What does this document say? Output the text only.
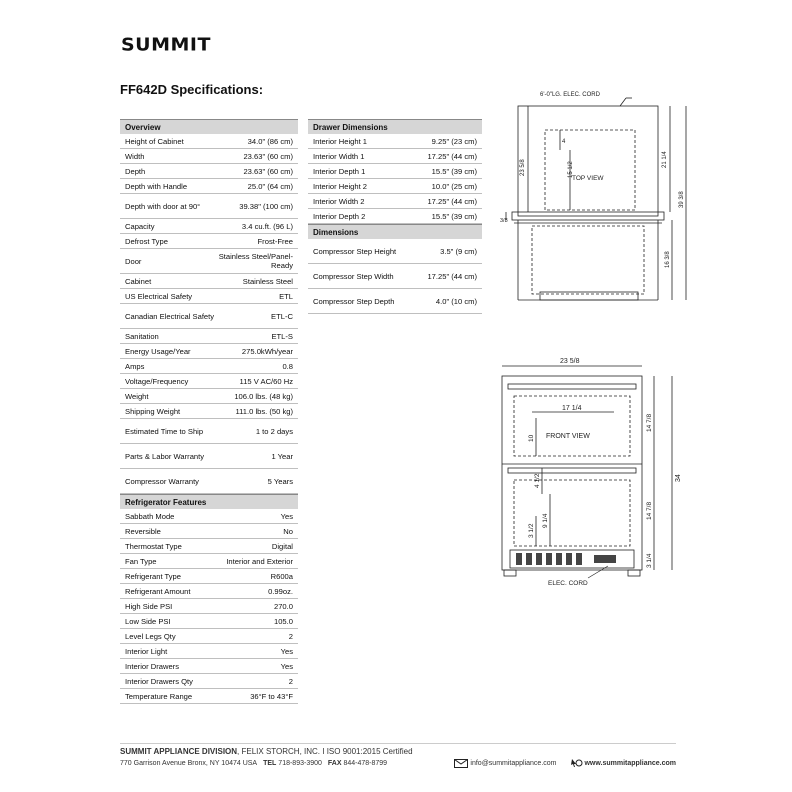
SUMMIT
FF642D Specifications:
Overview
Height of Cabinet	34.0" (86 cm)
Width	23.63" (60 cm)
Depth	23.63" (60 cm)
Depth with Handle	25.0" (64 cm)
Depth with door at 90°	39.38" (100 cm)
Capacity	3.4 cu.ft. (96 L)
Defrost Type	Frost-Free
Door	Stainless Steel/Panel-Ready
Cabinet	Stainless Steel
US Electrical Safety	ETL
Canadian Electrical Safety	ETL-C
Sanitation	ETL-S
Energy Usage/Year	275.0kWh/year
Amps	0.8
Voltage/Frequency	115 V AC/60 Hz
Weight	106.0 lbs. (48 kg)
Shipping Weight	111.0 lbs. (50 kg)
Estimated Time to Ship	1 to 2 days
Parts & Labor Warranty	1 Year
Compressor Warranty	5 Years
Refrigerator Features
Sabbath Mode	Yes
Reversible	No
Thermostat Type	Digital
Fan Type	Interior and Exterior
Refrigerant Type	R600a
Refrigerant Amount	0.99oz.
High Side PSI	270.0
Low Side PSI	105.0
Level Legs Qty	2
Interior Light	Yes
Interior Drawers	Yes
Interior Drawers Qty	2
Temperature Range	36°F to 43°F
Drawer Dimensions
Interior Height 1	9.25" (23 cm)
Interior Width 1	17.25" (44 cm)
Interior Depth 1	15.5" (39 cm)
Interior Height 2	10.0" (25 cm)
Interior Width 2	17.25" (44 cm)
Interior Depth 2	15.5" (39 cm)
Dimensions
Compressor Step Height	3.5" (9 cm)
Compressor Step Width	17.25" (44 cm)
Compressor Step Depth	4.0" (10 cm)
6'-0"LG. ELEC. CORD
TOP VIEW
4
15 1/2
23 5/8	21 1/4
39 3/8
3/8
16 3/8
23 5/8
17 1/4
FRONT VIEW
10
14 7/8
14 7/8
34
4 1/2
9 1/4
3 1/2
3 1/4
ELEC. CORD
SUMMIT APPLIANCE DIVISION, FELIX STORCH, INC. I ISO 9001:2015 Certified
770 Garrison Avenue Bronx, NY 10474 USA TEL
718-893-3900 FAX
844-478-8799
	info@summitappliance.com
	www.summitappliance.com
